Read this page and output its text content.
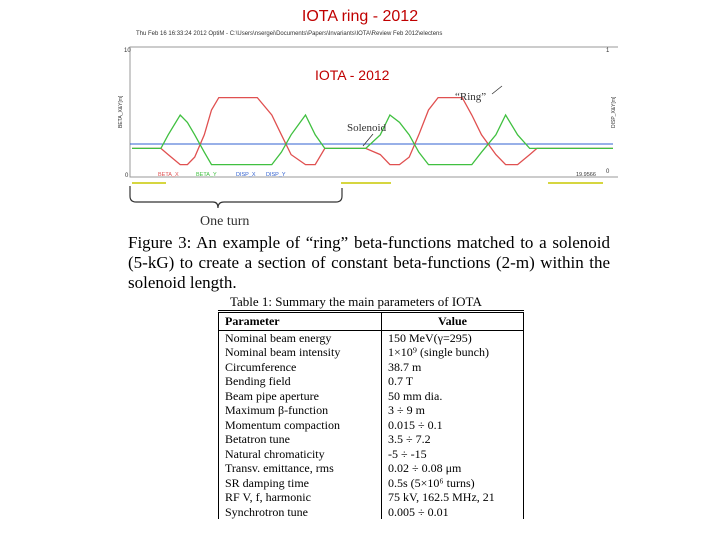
IOTA ring - 2012
Thu Feb 16 16:33:24 2012 OptiM - C:\Users\nsergei\Documents\Papers\Invariants\IOTA\Review Feb 2012\electens
10
0
BETA_X&Y[m]	DISP_X&Y[m]
1
0
IOTA - 2012
“Ring”
Solenoid
BETA_X	BETA_Y	DISP_X DISP_Y	19.9566
One turn
Figure 3: An example of “ring” beta-functions matched to a solenoid (5-kG) to create a section of constant beta-functions (2-m) within the solenoid length.
Table 1: Summary the main parameters of IOTA
Parameter	Value
Nominal beam energy	150 MeV(γ=295)
Nominal beam intensity	1×10⁹ (single bunch)
Circumference	38.7 m
Bending field	0.7 T
Beam pipe aperture	50 mm dia.
Maximum β-function	3 ÷ 9 m
Momentum compaction	0.015 ÷ 0.1
Betatron tune	3.5 ÷ 7.2
Natural chromaticity	-5 ÷ -15
Transv. emittance, rms	0.02 ÷ 0.08 μm
SR damping time	0.5s (5×10⁶ turns)
RF V, f, harmonic	75 kV, 162.5 MHz, 21
Synchrotron tune	0.005 ÷ 0.01
